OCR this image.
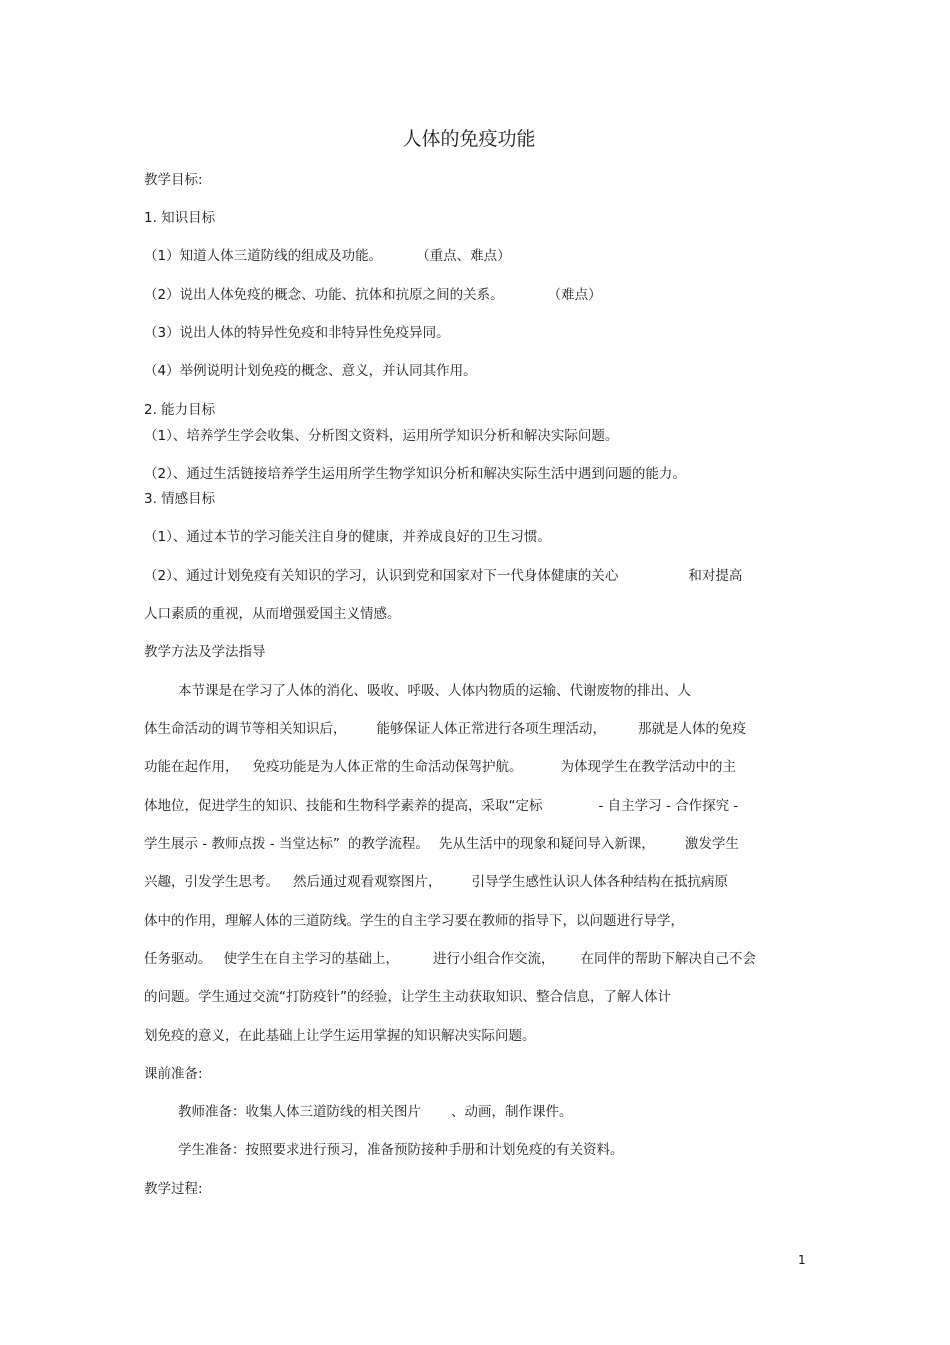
人体的免疫功能
教学目标:
1. 知识目标
（1）知道人体三道防线的组成及功能。	（重点、难点）
（2）说出人体免疫的概念、功能、抗体和抗原之间的关系。	（难点）
（3）说出人体的特异性免疫和非特异性免疫异同。
（4）举例说明计划免疫的概念、意义，并认同其作用。
2. 能力目标
（1）、培养学生学会收集、分析图文资料，运用所学知识分析和解决实际问题。
（2）、通过生活链接培养学生运用所学生物学知识分析和解决实际生活中遇到问题的能力。
3. 情感目标
（1）、通过本节的学习能关注自身的健康，并养成良好的卫生习惯。
（2）、通过计划免疫有关知识的学习，认识到党和国家对下一代身体健康的关心	和对提高
人口素质的重视，从而增强爱国主义情感。
教学方法及学法指导
本节课是在学习了人体的消化、吸收、呼吸、人体内物质的运输、代谢废物的排出、人
体生命活动的调节等相关知识后， 能够保证人体正常进行各项生理活动， 那就是人体的免疫
功能在起作用， 免疫功能是为人体正常的生命活动保驾护航。	为体现学生在教学活动中的主
体地位，促进学生的知识、技能和生物科学素养的提高，采取“定标	- 自主学习 - 合作探究 -
学生展示 - 教师点拨 - 当堂达标” 的教学流程。 先从生活中的现象和疑问导入新课， 激发学生
兴趣，引发学生思考。 然后通过观看观察图片， 引导学生感性认识人体各种结构在抵抗病原
体中的作用，理解人体的三道防线。学生的自主学习要在教师的指导下，以问题进行导学，
任务驱动。 使学生在自主学习的基础上，	进行小组合作交流， 在同伴的帮助下解决自己不会
的问题。学生通过交流“打防疫针”的经验，让学生主动获取知识、整合信息，了解人体计
划免疫的意义，在此基础上让学生运用掌握的知识解决实际问题。
课前准备:
教师准备：收集人体三道防线的相关图片 、动画，制作课件。
学生准备：按照要求进行预习，准备预防接种手册和计划免疫的有关资料。
教学过程:
1
